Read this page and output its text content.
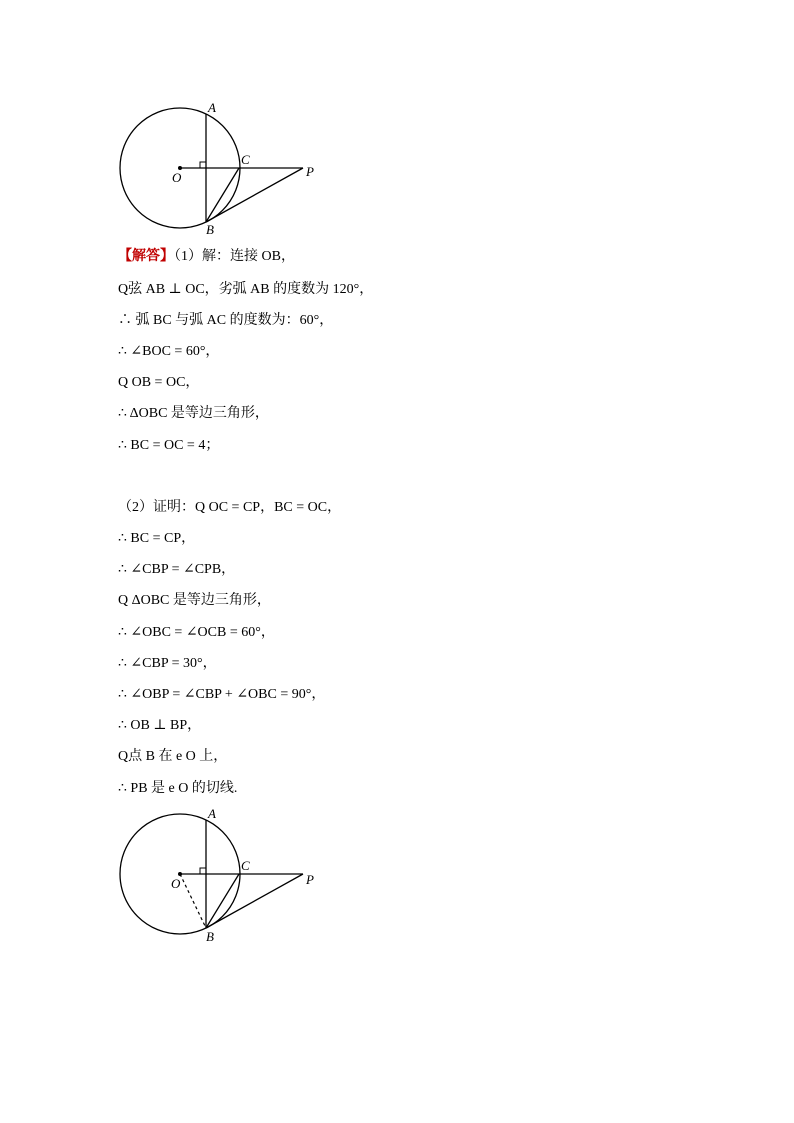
A
O
C
P
B
【解答】（1）解：连接 OB，
Q弦 AB ⊥ OC，劣弧 AB 的度数为 120°，
∴ 弧 BC 与弧 AC 的度数为：60°，
∴ ∠BOC = 60°，
Q OB = OC，
∴ ΔOBC 是等边三角形，
∴ BC = OC = 4；
（2）证明：Q OC = CP，BC = OC，
∴ BC = CP，
∴ ∠CBP = ∠CPB，
Q ΔOBC 是等边三角形，
∴ ∠OBC = ∠OCB = 60°，
∴ ∠CBP = 30°，
∴ ∠OBP = ∠CBP + ∠OBC = 90°，
∴ OB ⊥ BP，
Q点 B 在 e O 上，
∴ PB 是 e O 的切线.
A
O
C
P
B
